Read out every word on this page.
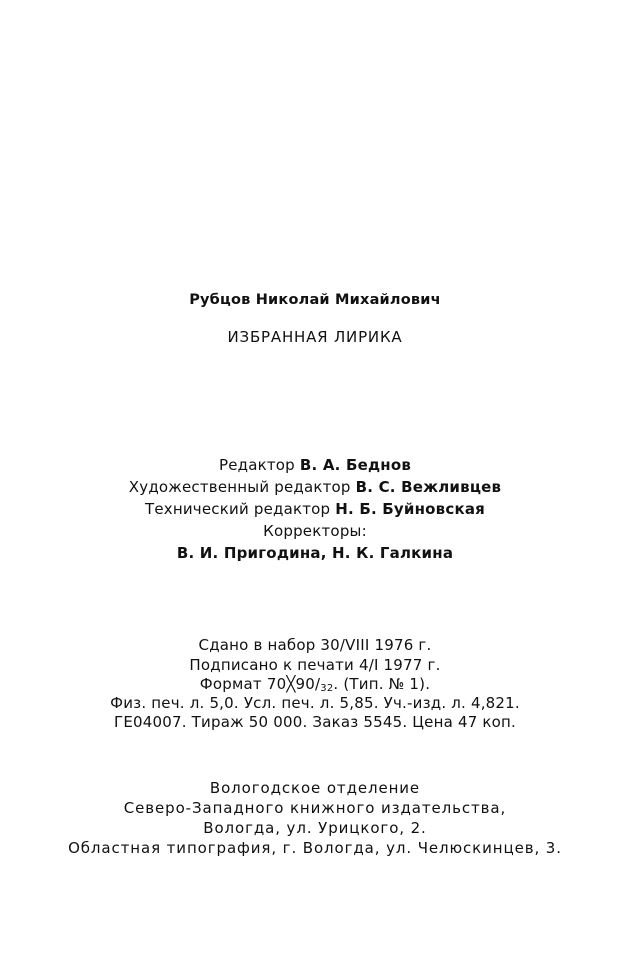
Рубцов Николай Михайлович
ИЗБРАННАЯ ЛИРИКА
Редактор В. А. Беднов
Художественный редактор В. С. Вежливцев
Технический редактор Н. Б. Буйновская
Корректоры:
В. И. Пригодина, Н. К. Галкина
Сдано в набор 30/VIII 1976 г.
Подписано к печати 4/I 1977 г.
Формат $70╳90/_{32}$. (Тип. № 1).
Физ. печ. л. 5,0. Усл. печ. л. 5,85. Уч.-изд. л. 4,821.
ГЕ04007. Тираж 50 000. Заказ 5545. Цена 47 коп.
Вологодское отделение
Северо-Западного книжного издательства,
Вологда, ул. Урицкого, 2.
Областная типография, г. Вологда, ул. Челюскинцев, 3.
